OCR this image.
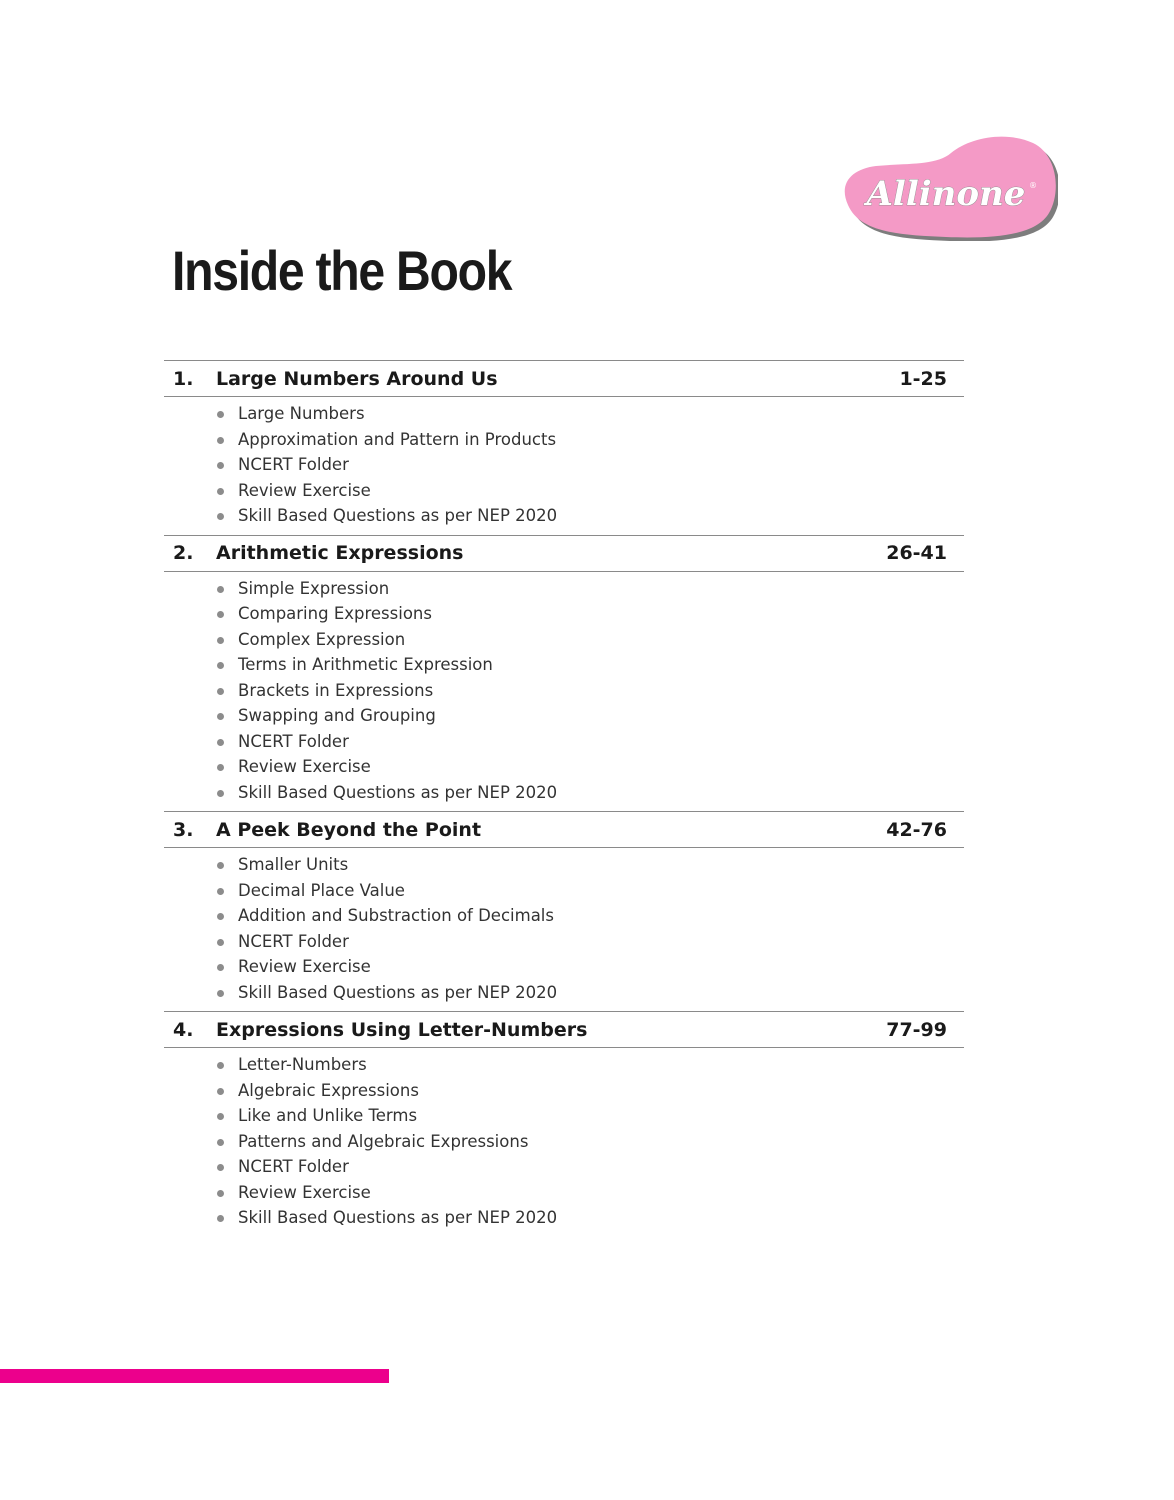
Allinone ®
Inside the Book
1.	Large Numbers Around Us	1-25
Large Numbers
Approximation and Pattern in Products
NCERT Folder
Review Exercise
Skill Based Questions as per NEP 2020
2.	Arithmetic Expressions	26-41
Simple Expression
Comparing Expressions
Complex Expression
Terms in Arithmetic Expression
Brackets in Expressions
Swapping and Grouping
NCERT Folder
Review Exercise
Skill Based Questions as per NEP 2020
3.	A Peek Beyond the Point	42-76
Smaller Units
Decimal Place Value
Addition and Substraction of Decimals
NCERT Folder
Review Exercise
Skill Based Questions as per NEP 2020
4.	Expressions Using Letter-Numbers	77-99
Letter-Numbers
Algebraic Expressions
Like and Unlike Terms
Patterns and Algebraic Expressions
NCERT Folder
Review Exercise
Skill Based Questions as per NEP 2020
